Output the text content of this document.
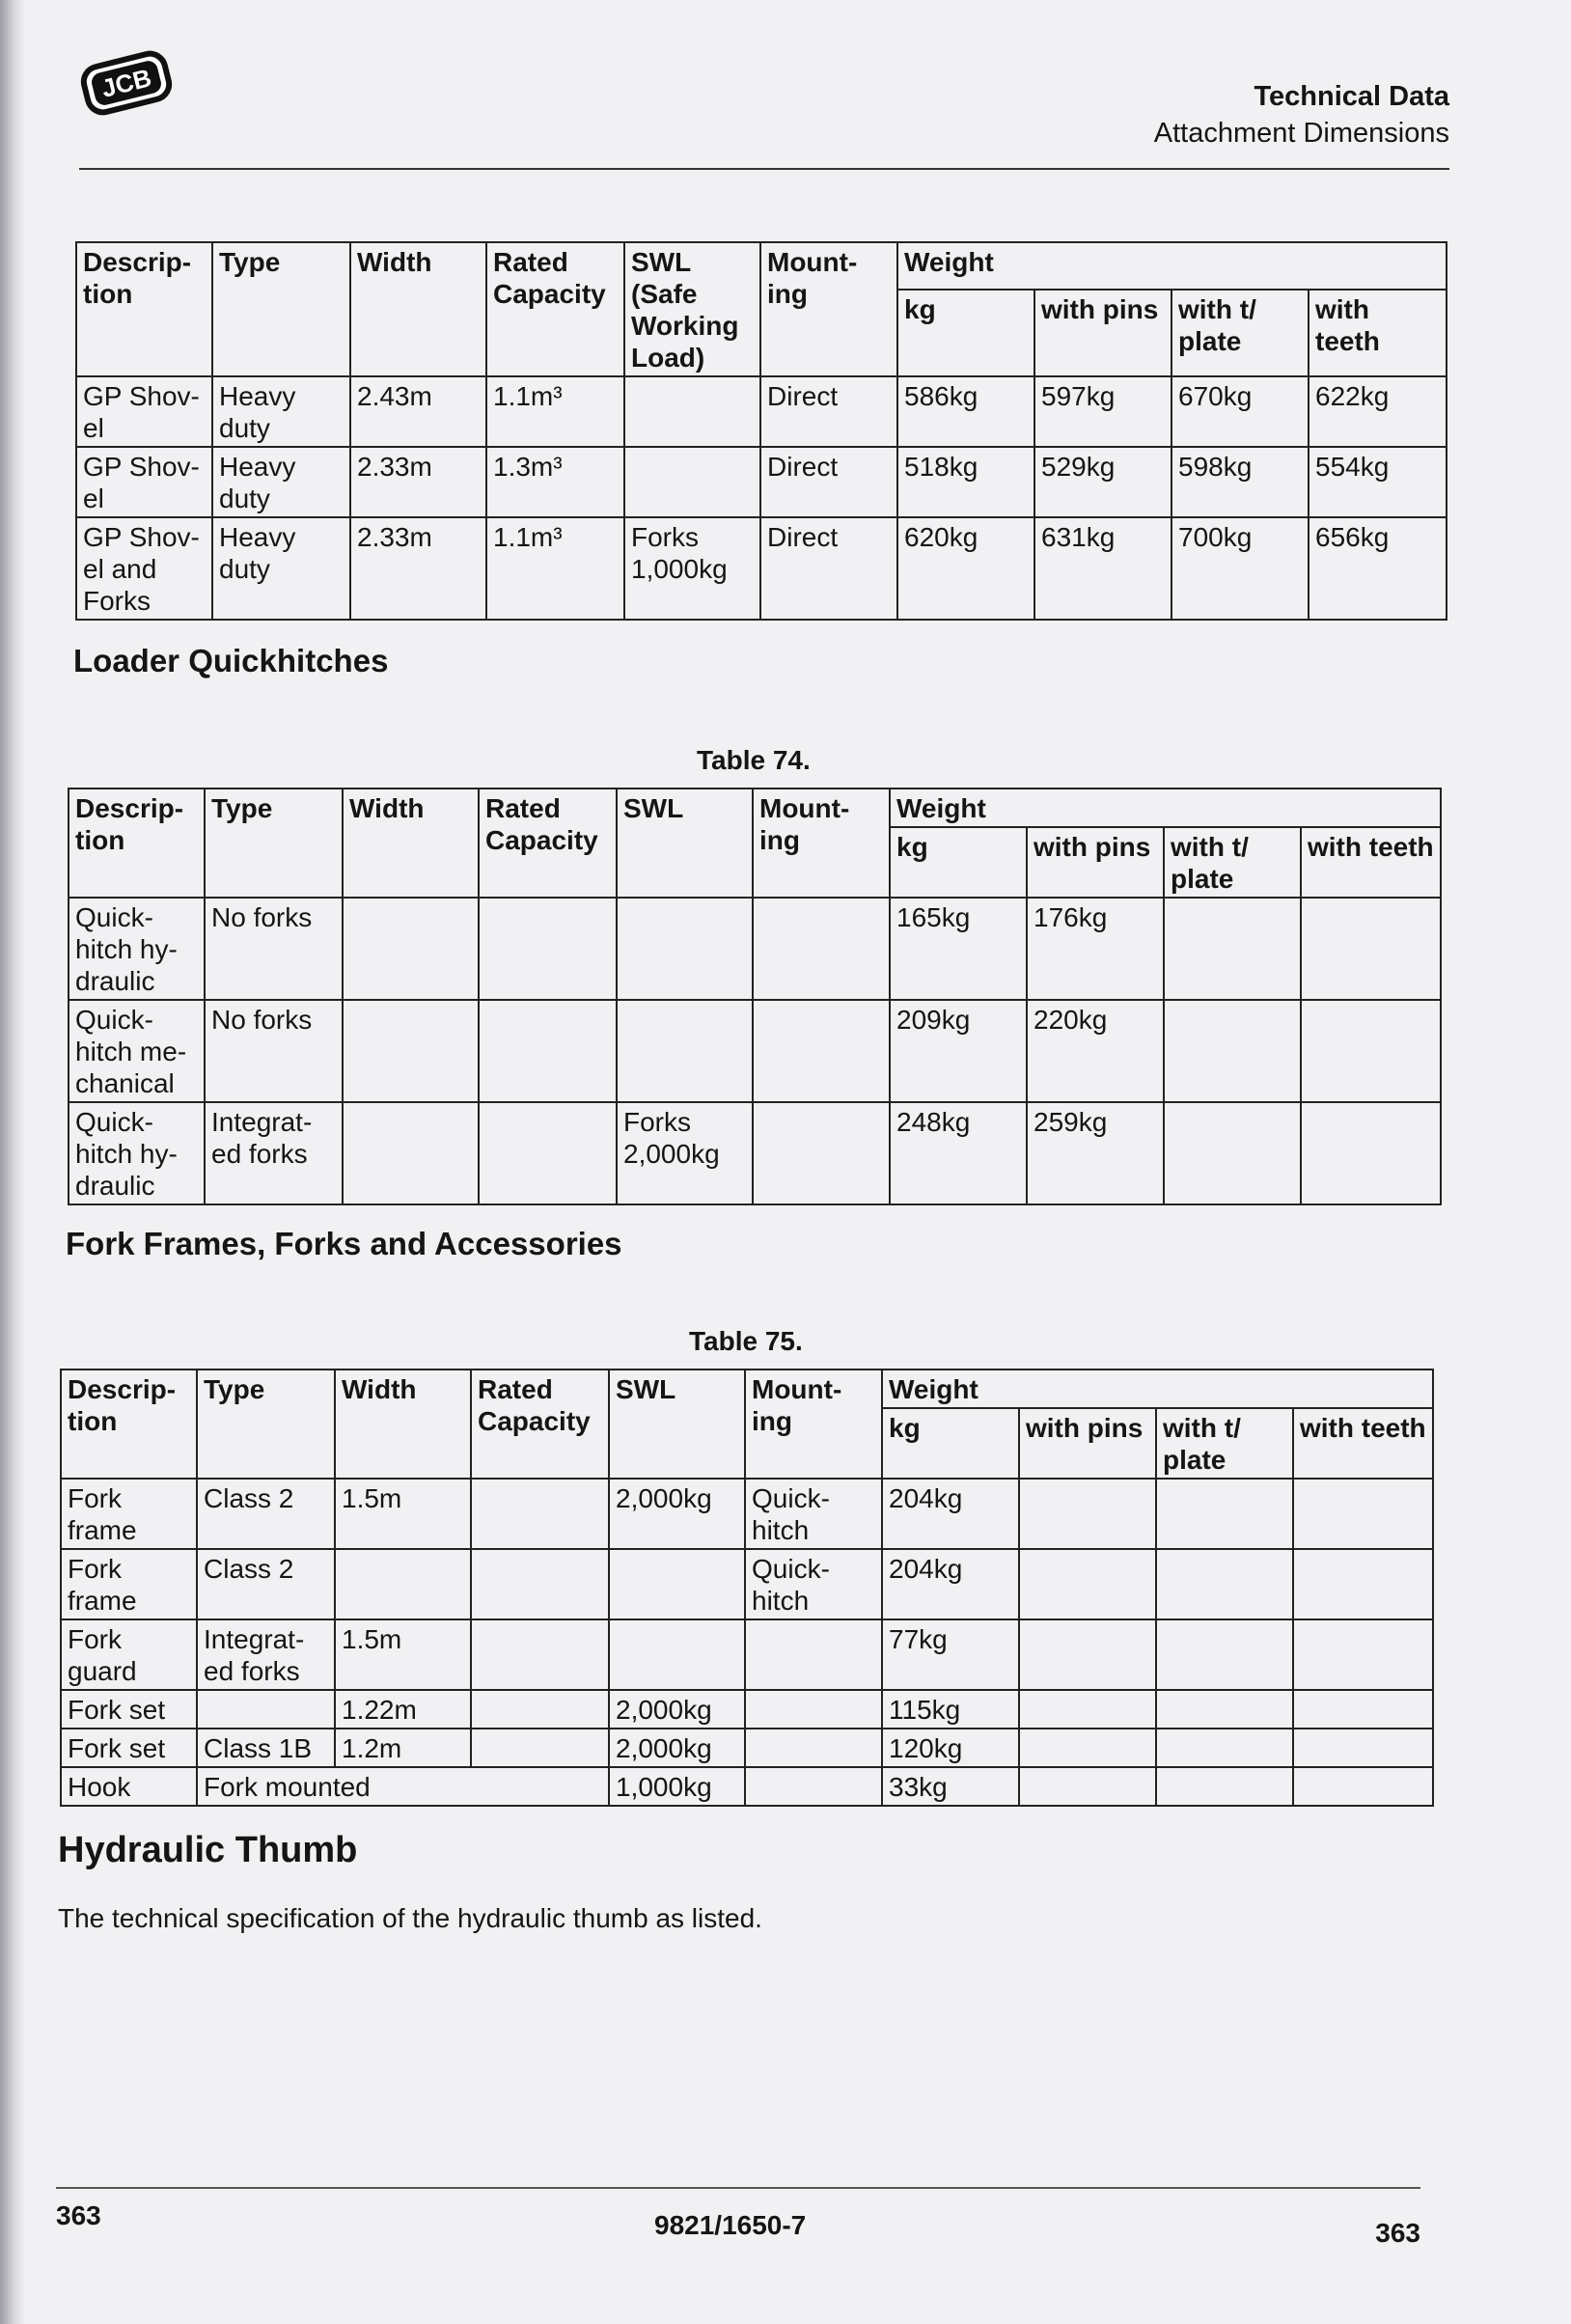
JCB	Technical Data
Attachment Dimensions
Descrip- tion	Type	Width	Rated Capacity	SWL (Safe Working Load)	Mount- ing	Weight			
						kg	with pins	with t/ plate	with teeth
GP Shov- el	Heavy duty	2.43m	1.1m³		Direct	586kg	597kg	670kg	622kg
GP Shov- el	Heavy duty	2.33m	1.3m³		Direct	518kg	529kg	598kg	554kg
GP Shov- el and Forks	Heavy duty	2.33m	1.1m³	Forks 1,000kg	Direct	620kg	631kg	700kg	656kg
Loader Quickhitches
Table 74.
Descrip- tion	Type	Width	Rated Capacity	SWL	Mount- ing	Weight			
						kg	with pins	with t/ plate	with teeth
Quick- hitch hy- draulic	No forks					165kg	176kg		
Quick- hitch me- chanical	No forks					209kg	220kg		
Quick- hitch hy- draulic	Integrat- ed forks			Forks 2,000kg		248kg	259kg		
Fork Frames, Forks and Accessories
Table 75.
Descrip- tion	Type	Width	Rated Capacity	SWL	Mount- ing	Weight			
						kg	with pins	with t/ plate	with teeth
Fork frame	Class 2	1.5m		2,000kg	Quick- hitch	204kg			
Fork frame	Class 2				Quick- hitch	204kg			
Fork guard	Integrat- ed forks	1.5m				77kg			
Fork set		1.22m		2,000kg		115kg			
Fork set	Class 1B	1.2m		2,000kg		120kg			
Hook	Fork mounted			1,000kg		33kg			
Hydraulic Thumb
The technical specification of the hydraulic thumb as listed.
363	9821/1650-7	363
